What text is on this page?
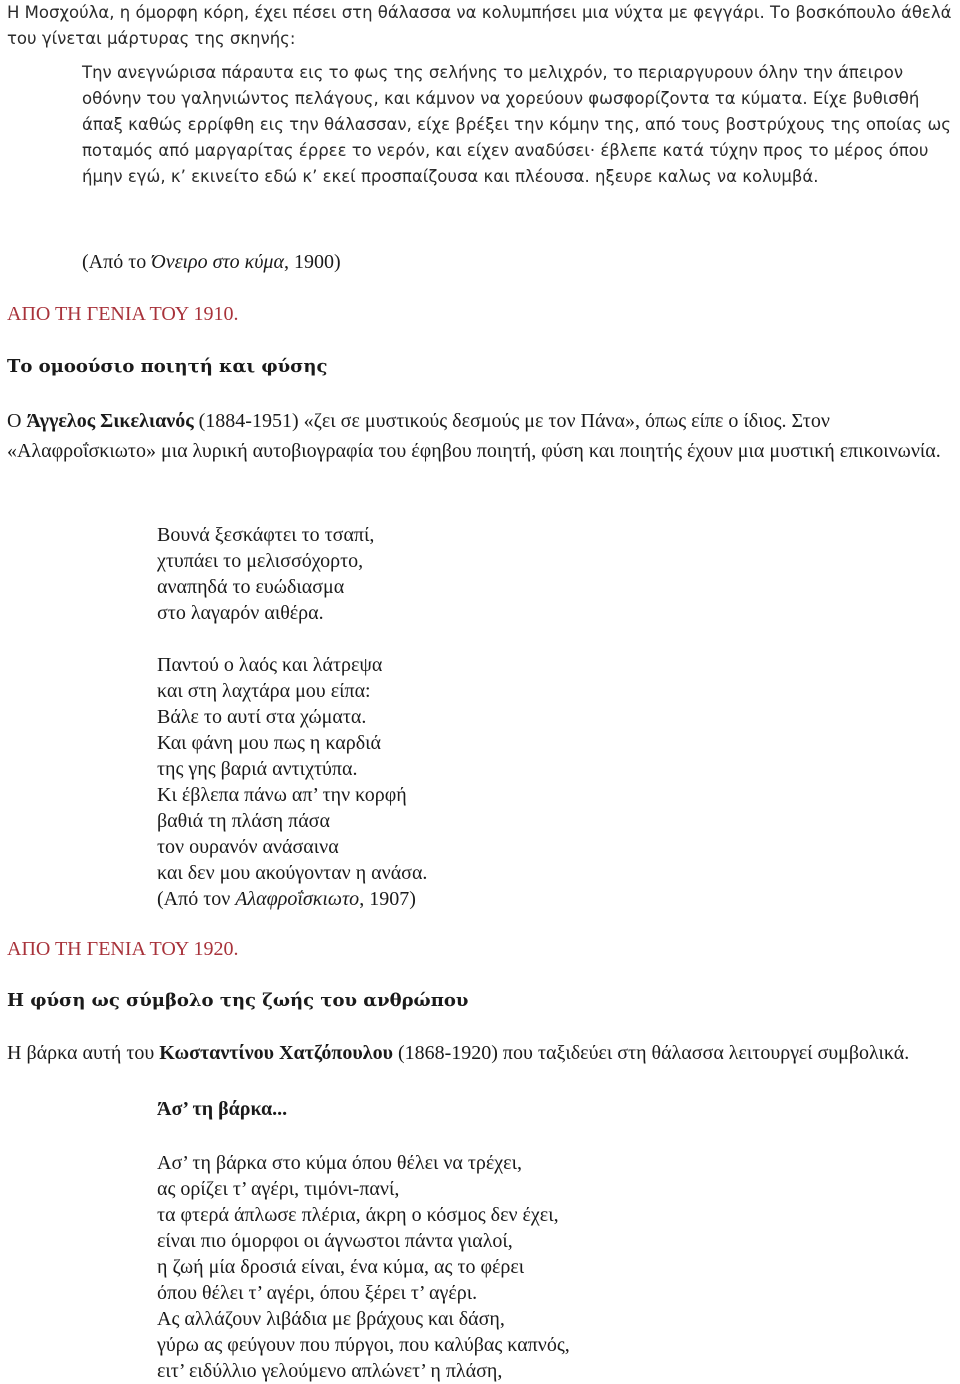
Η Μοσχούλα, η όμορφη κόρη, έχει πέσει στη θάλασσα να κολυμπήσει μια νύχτα με φεγγάρι. Το βοσκόπουλο άθελά του γίνεται μάρτυρας της σκηνής:

Την ανεγνώρισα πάραυτα εις το φως της σελήνης το μελιχρόν, το περιαργυρουν όλην την άπειρον οθόνην του γαληνιώντος πελάγους, και κάμνον να χορεύουν φωσφορίζοντα τα κύματα. Είχε βυθισθή άπαξ καθώς ερρίφθη εις την θάλασσαν, είχε βρέξει την κόμην της, από τους βοστρύχους της οποίας ως ποταμός από μαργαρίτας έρρεε το νερόν, και είχεν αναδύσει· έβλεπε κατά τύχην προς το μέρος όπου ήμην εγώ, κ’ εκινείτο εδώ κ’ εκεί προσπαίζουσα και πλέουσα. ηξευρε καλως να κολυμβά.

(Από το Όνειρο στο κύμα, 1900)

ΑΠΟ ΤΗ ΓΕΝΙΑ ΤΟΥ 1910.
Το ομοούσιο ποιητή και φύσης

Ο Άγγελος Σικελιανός (1884-1951) «ζει σε μυστικούς δεσμούς με τον Πάνα», όπως είπε ο ίδιος. Στον «Αλαφροΐσκιωτο» μια λυρική αυτοβιογραφία του έφηβου ποιητή, φύση και ποιητής έχουν μια μυστική επικοινωνία.

Βουνά ξεσκάφτει το τσαπί,
χτυπάει το μελισσόχορτο,
αναπηδά το ευώδιασμα
στο λαγαρόν αιθέρα.
Παντού ο λαός και λάτρεψα
και στη λαχτάρα μου είπα:
Βάλε το αυτί στα χώματα.
Και φάνη μου πως η καρδιά
της γης βαριά αντιχτύπα.
Κι έβλεπα πάνω απ’ την κορφή
βαθιά τη πλάση πάσα
τον ουρανόν ανάσαινα
και δεν μου ακούγονταν η ανάσα.
(Από τον Αλαφροΐσκιωτο, 1907)
ΑΠΟ ΤΗ ΓΕΝΙΑ ΤΟΥ 1920.
Η φύση ως σύμβολο της ζωής του ανθρώπου

Η βάρκα αυτή του Κωσταντίνου Χατζόπουλου (1868-1920) που ταξιδεύει στη θάλασσα λειτουργεί συμβολικά.

Άσ’ τη βάρκα...
Ασ’ τη βάρκα στο κύμα όπου θέλει να τρέχει,
ας ορίζει τ’ αγέρι, τιμόνι-πανί,
τα φτερά άπλωσε πλέρια, άκρη ο κόσμος δεν έχει,
είναι πιο όμορφοι οι άγνωστοι πάντα γιαλοί,
η ζωή μία δροσιά είναι, ένα κύμα, ας το φέρει
όπου θέλει τ’ αγέρι, όπου ξέρει τ’ αγέρι.
Ας αλλάζουν λιβάδια με βράχους και δάση,
γύρω ας φεύγουν που πύργοι, που καλύβας καπνός,
ειτ’ ειδύλλιο γελούμενο απλώνετ’ η πλάση,
